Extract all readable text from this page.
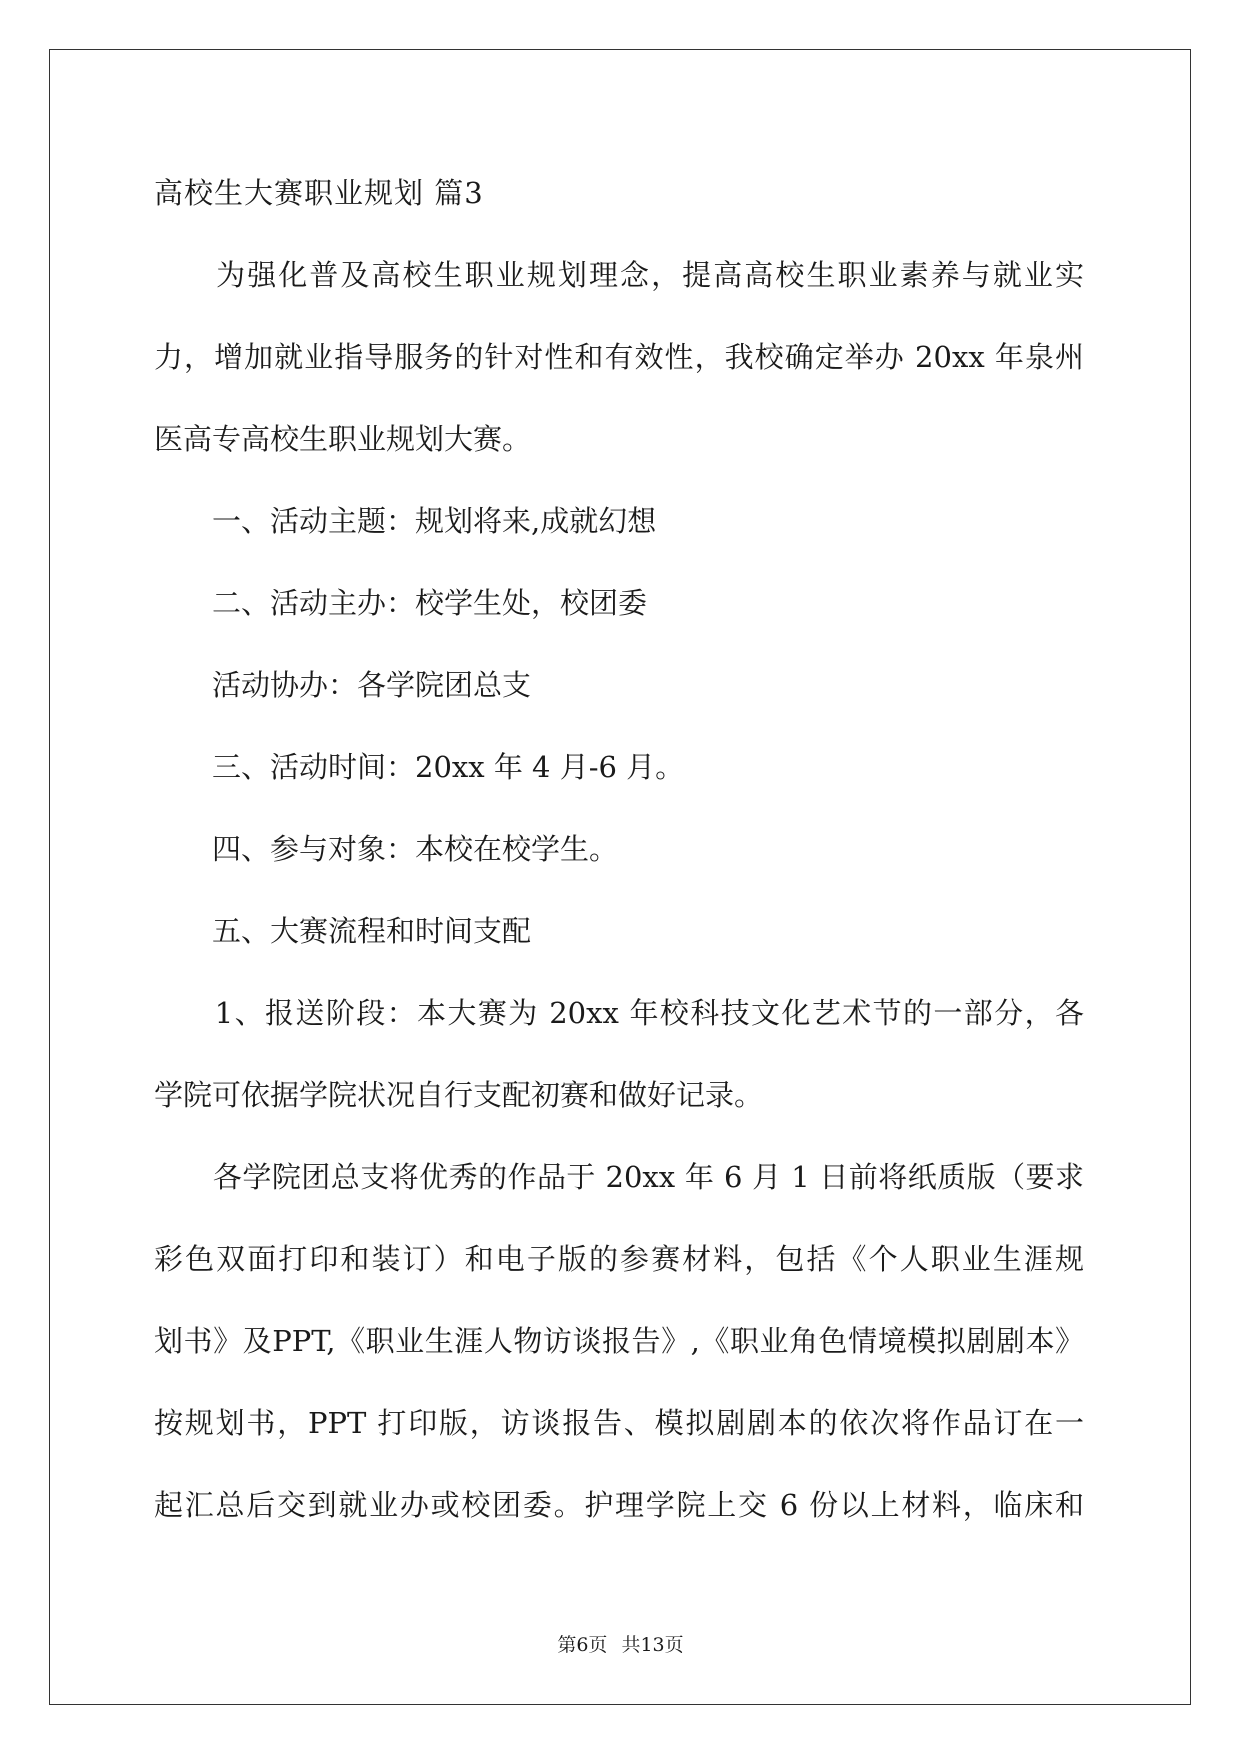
高校生大赛职业规划 篇3
　　为强化普及高校生职业规划理念，提高高校生职业素养与就业实
力，增加就业指导服务的针对性和有效性，我校确定举办 20xx 年泉州
医高专高校生职业规划大赛。
　　一、活动主题：规划将来,成就幻想
　　二、活动主办：校学生处，校团委
　　活动协办：各学院团总支
　　三、活动时间：20xx 年 4 月-6 月。
　　四、参与对象：本校在校学生。
　　五、大赛流程和时间支配
　　1、报送阶段：本大赛为 20xx 年校科技文化艺术节的一部分，各
学院可依据学院状况自行支配初赛和做好记录。
　　各学院团总支将优秀的作品于 20xx 年 6 月 1 日前将纸质版（要求
彩色双面打印和装订）和电子版的参赛材料，包括《个人职业生涯规
划书》及PPT,《职业生涯人物访谈报告》,《职业角色情境模拟剧剧本》
按规划书，PPT 打印版，访谈报告、模拟剧剧本的依次将作品订在一
起汇总后交到就业办或校团委。护理学院上交 6 份以上材料，临床和
第6页 共13页
